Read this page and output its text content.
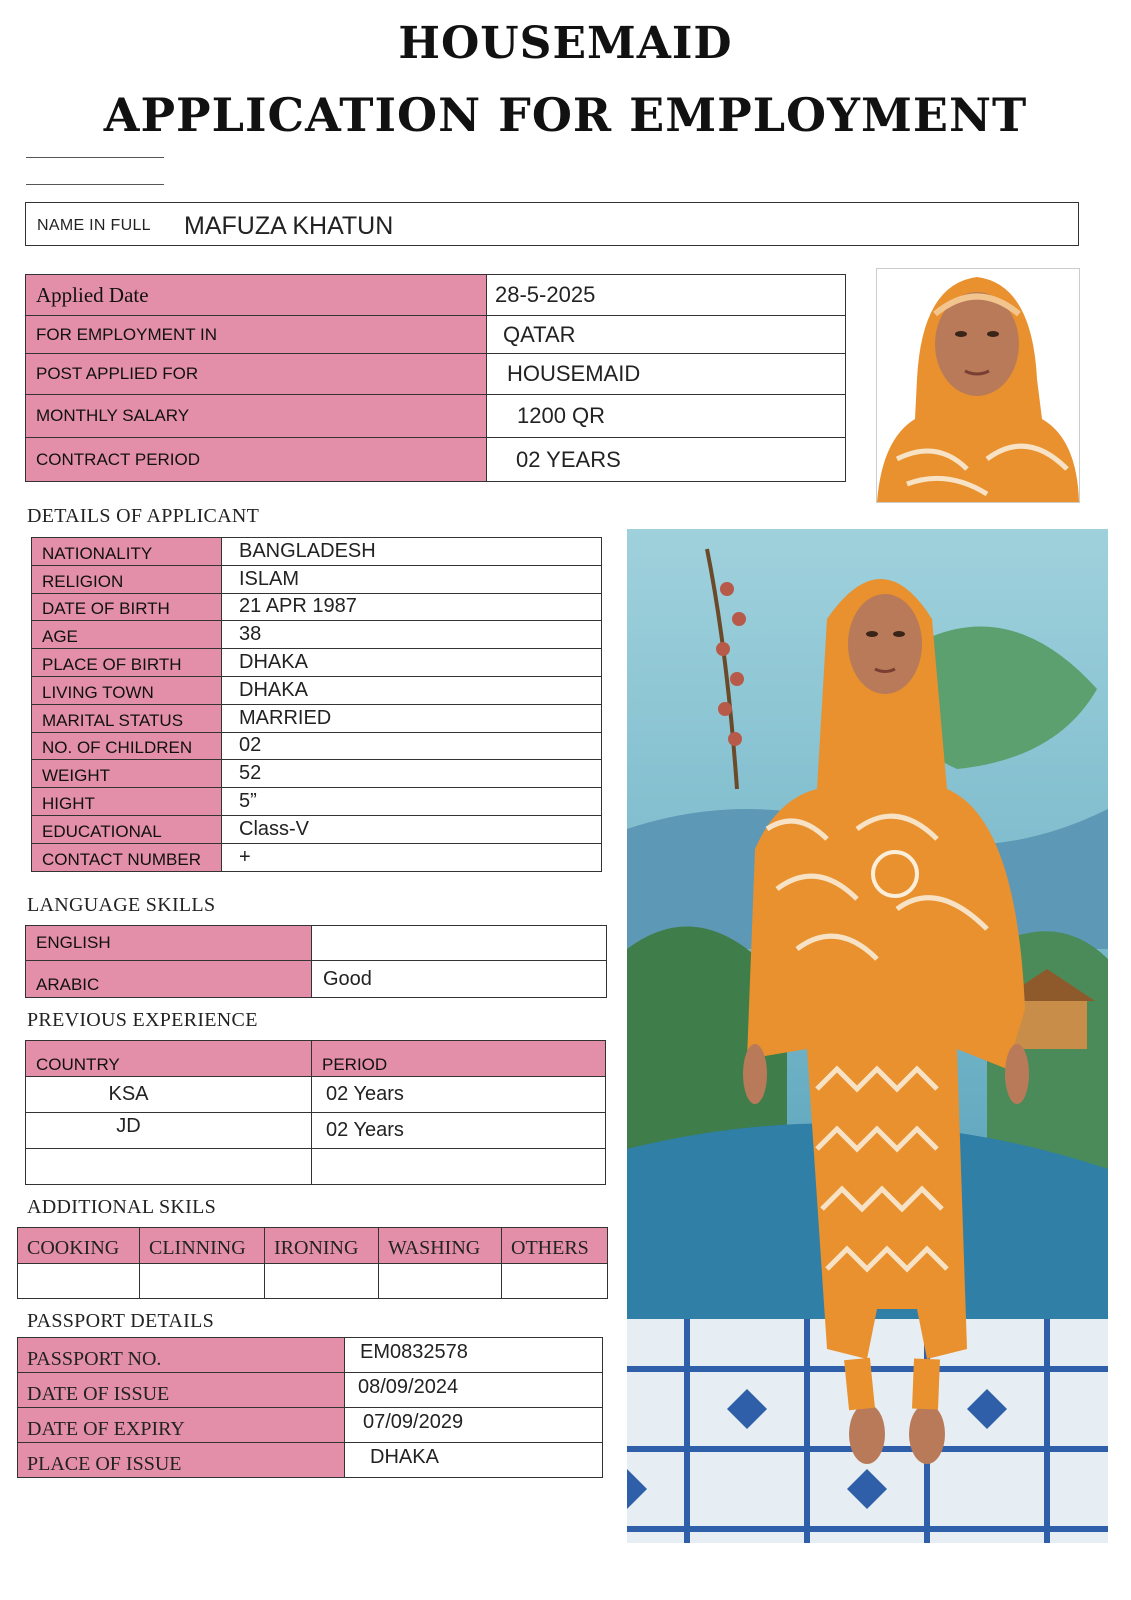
HOUSEMAID
APPLICATION FOR EMPLOYMENT
NAME IN FULL MAFUZA KHATUN
Applied Date	28-5-2025
FOR EMPLOYMENT IN	QATAR
POST APPLIED FOR	HOUSEMAID
MONTHLY SALARY	1200 QR
CONTRACT PERIOD	02 YEARS
DETAILS OF APPLICANT
NATIONALITY	BANGLADESH
RELIGION	ISLAM
DATE OF BIRTH	21 APR 1987
AGE	38
PLACE OF BIRTH	DHAKA
LIVING TOWN	DHAKA
MARITAL STATUS	MARRIED
NO. OF CHILDREN	02
WEIGHT	52
HIGHT	5”
EDUCATIONAL	Class-V
CONTACT NUMBER	+
LANGUAGE SKILLS
ENGLISH	
ARABIC	Good
PREVIOUS EXPERIENCE
COUNTRY	PERIOD
KSA	02 Years
JD	02 Years

ADDITIONAL SKILS
COOKING	CLINNING	IRONING	WASHING	OTHERS

PASSPORT DETAILS
PASSPORT NO.	EM0832578
DATE OF ISSUE	08/09/2024
DATE OF EXPIRY	07/09/2029
PLACE OF ISSUE	DHAKA
